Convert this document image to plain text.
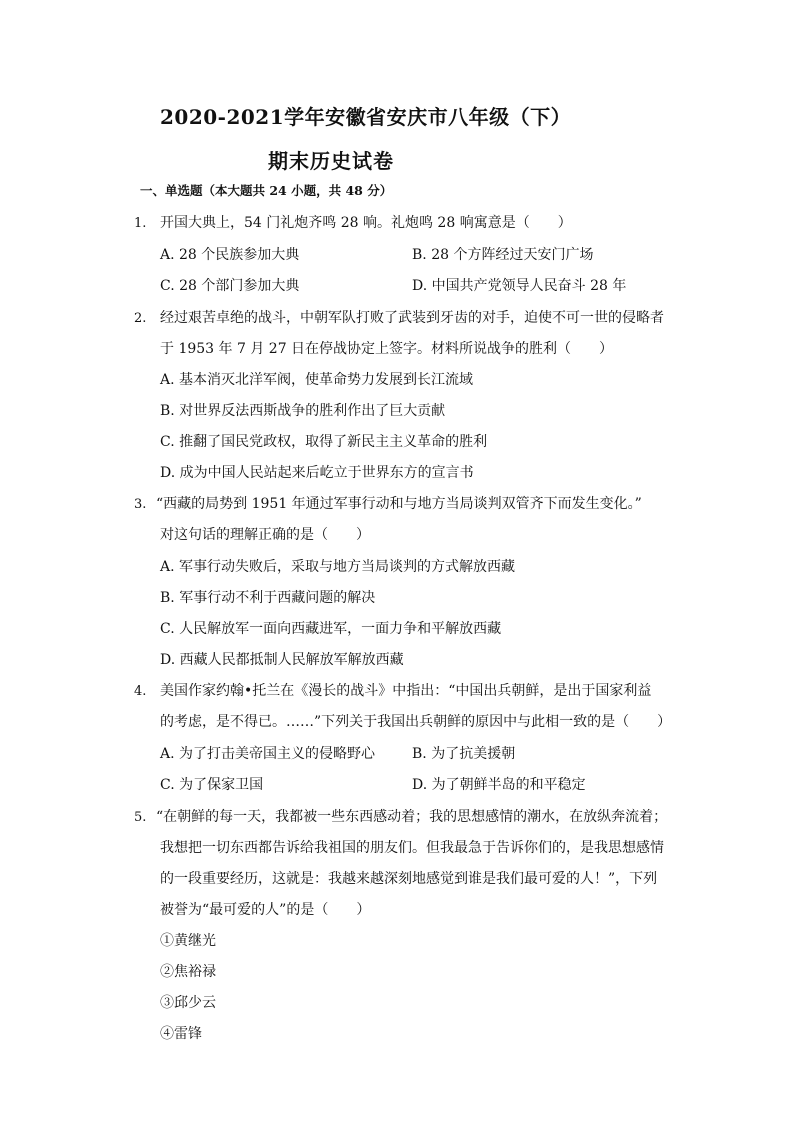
2020-2021学年安徽省安庆市八年级（下）
期末历史试卷
一、单选题（本大题共 24 小题，共 48 分）
1. 开国大典上，54 门礼炮齐鸣 28 响。礼炮鸣 28 响寓意是（　　）
A. 28 个民族参加大典	B. 28 个方阵经过天安门广场
C. 28 个部门参加大典	D. 中国共产党领导人民奋斗 28 年
2. 经过艰苦卓绝的战斗，中朝军队打败了武装到牙齿的对手，迫使不可一世的侵略者
于 1953 年 7 月 27 日在停战协定上签字。材料所说战争的胜利（　　）
A. 基本消灭北洋军阀，使革命势力发展到长江流域
B. 对世界反法西斯战争的胜利作出了巨大贡献
C. 推翻了国民党政权，取得了新民主主义革命的胜利
D. 成为中国人民站起来后屹立于世界东方的宣言书
3. “西藏的局势到 1951 年通过军事行动和与地方当局谈判双管齐下而发生变化。”
对这句话的理解正确的是（　　）
A. 军事行动失败后，采取与地方当局谈判的方式解放西藏
B. 军事行动不利于西藏问题的解决
C. 人民解放军一面向西藏进军，一面力争和平解放西藏
D. 西藏人民都抵制人民解放军解放西藏
4. 美国作家约翰•托兰在《漫长的战斗》中指出：“中国出兵朝鲜，是出于国家利益
的考虑，是不得已。……”下列关于我国出兵朝鲜的原因中与此相一致的是（　　）
A. 为了打击美帝国主义的侵略野心	B. 为了抗美援朝
C. 为了保家卫国	D. 为了朝鲜半岛的和平稳定
5. “在朝鲜的每一天，我都被一些东西感动着；我的思想感情的潮水，在放纵奔流着；
我想把一切东西都告诉给我祖国的朋友们。但我最急于告诉你们的，是我思想感情
的一段重要经历，这就是：我越来越深刻地感觉到谁是我们最可爱的人！”，下列
被誉为“最可爱的人”的是（　　）
①黄继光
②焦裕禄
③邱少云
④雷锋
